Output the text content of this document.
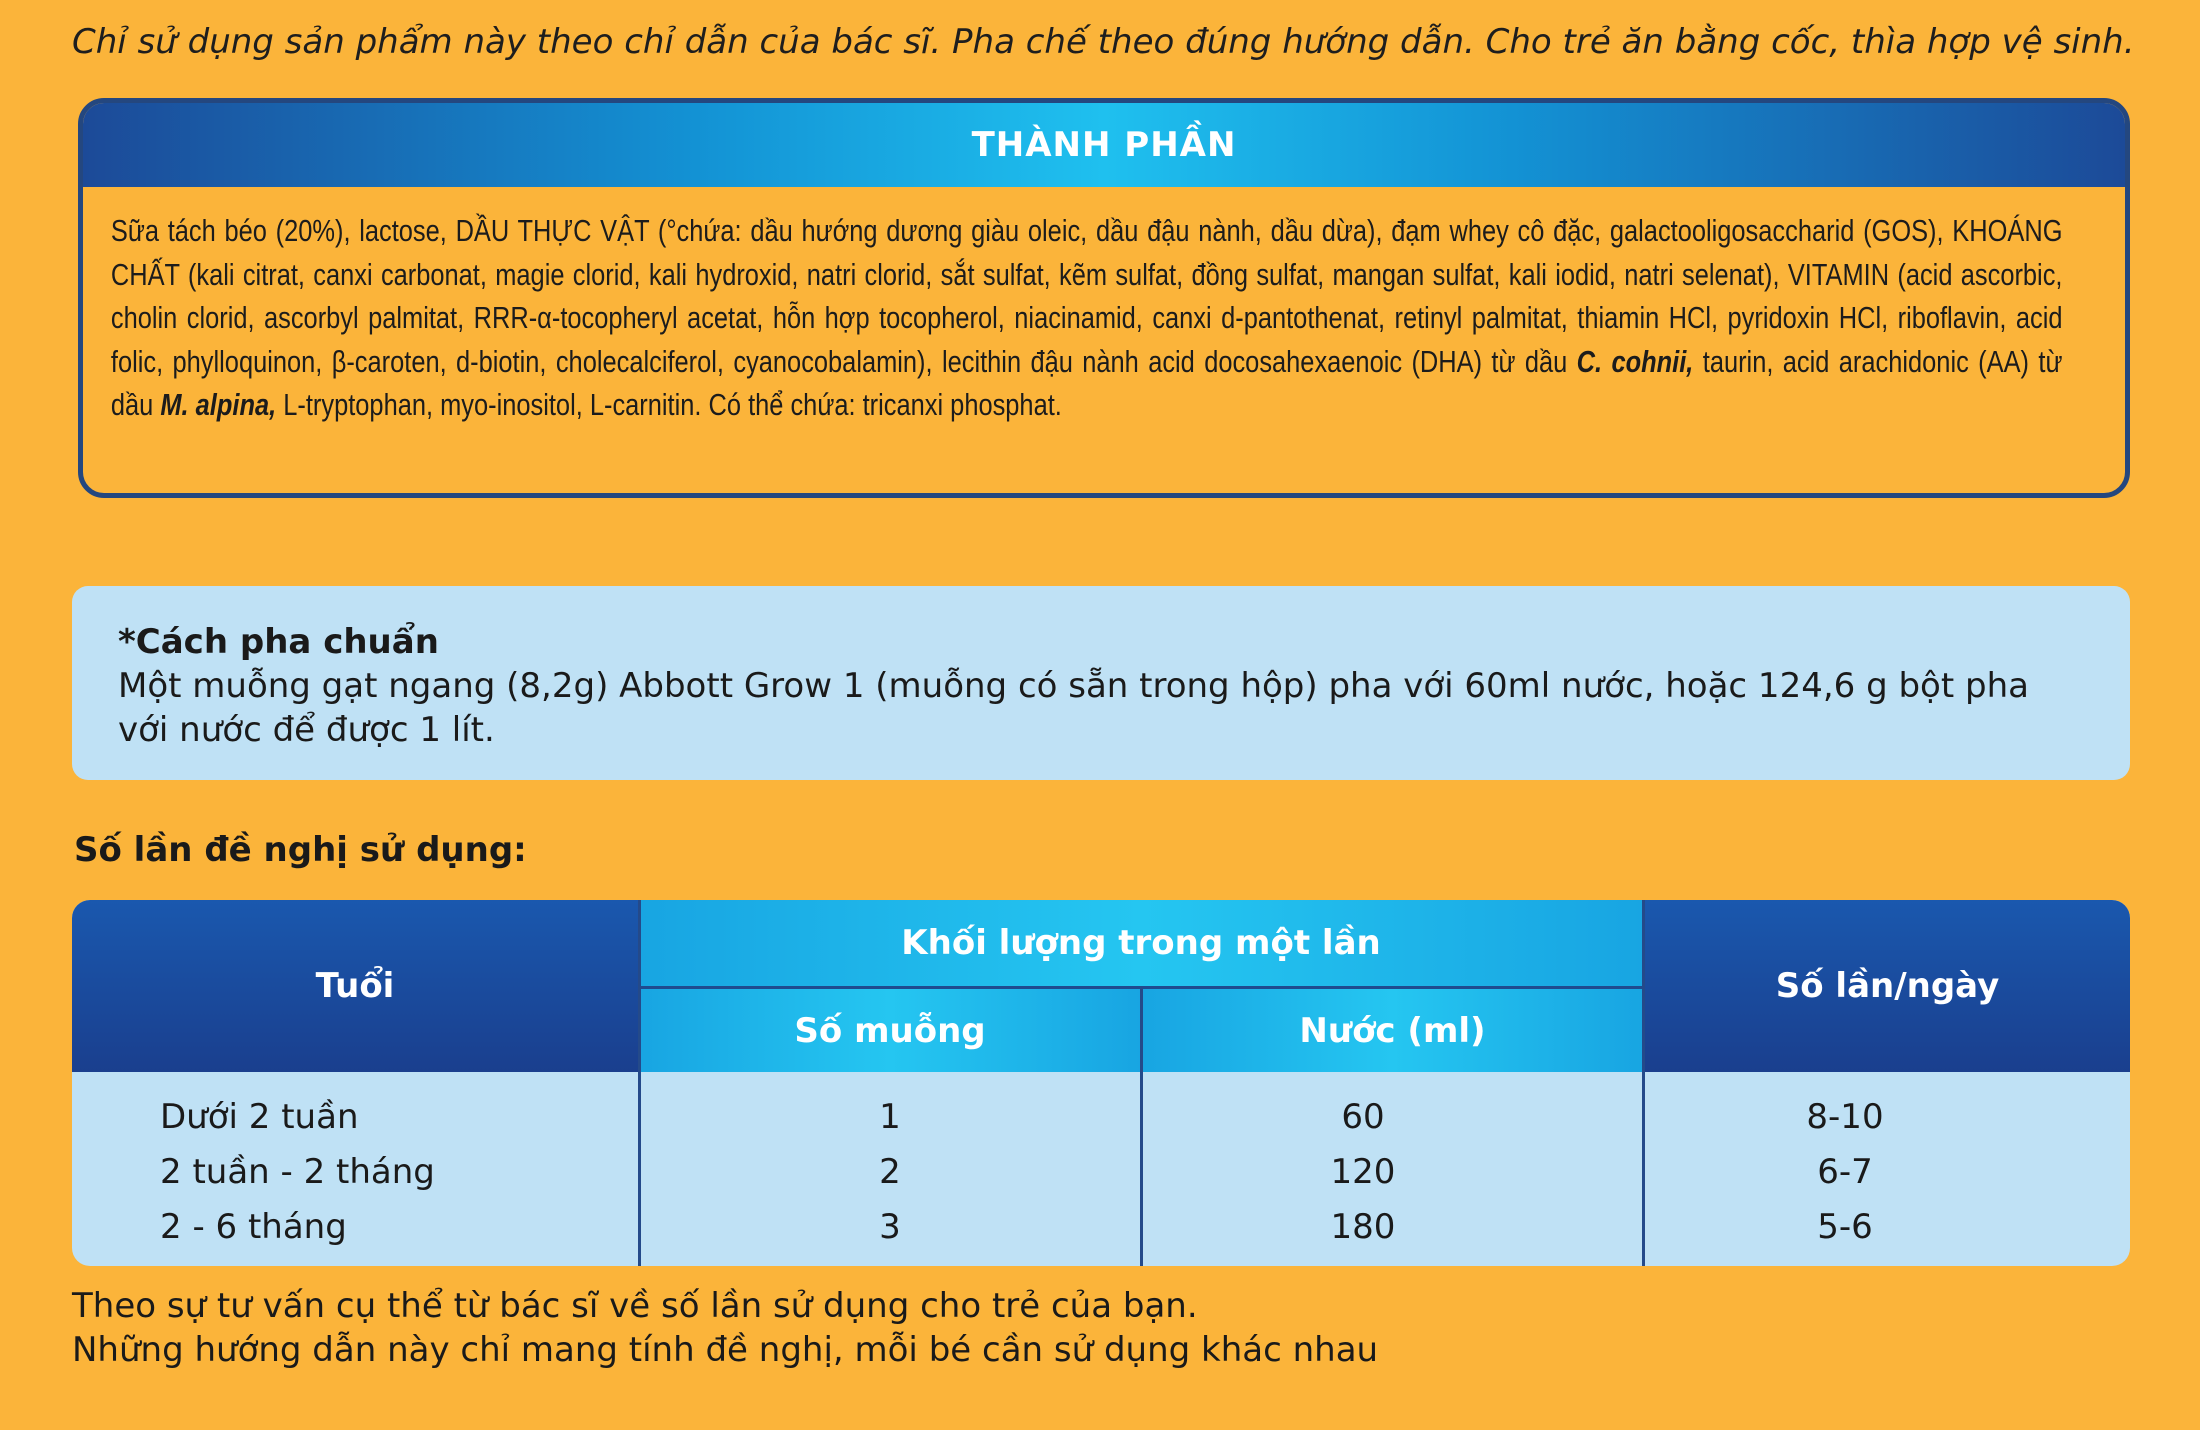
Chỉ sử dụng sản phẩm này theo chỉ dẫn của bác sĩ. Pha chế theo đúng hướng dẫn. Cho trẻ ăn bằng cốc, thìa hợp vệ sinh.
THÀNH PHẦN
Sữa tách béo (20%), lactose, DẦU THỰC VẬT (°chứa: dầu hướng dương giàu oleic, dầu đậu nành, dầu dừa), đạm whey cô đặc, galactooligosaccharid (GOS), KHOÁNG CHẤT (kali citrat, canxi carbonat, magie clorid, kali hydroxid, natri clorid, sắt sulfat, kẽm sulfat, đồng sulfat, mangan sulfat, kali iodid, natri selenat), VITAMIN (acid ascorbic, cholin clorid, ascorbyl palmitat, RRR-α-tocopheryl acetat, hỗn hợp tocopherol, niacinamid, canxi d-pantothenat, retinyl palmitat, thiamin HCl, pyridoxin HCl, riboflavin, acid folic, phylloquinon, β-caroten, d-biotin, cholecalciferol, cyanocobalamin), lecithin đậu nành acid docosahexaenoic (DHA) từ dầu C. cohnii, taurin, acid arachidonic (AA) từ dầu M. alpina, L-tryptophan, myo-inositol, L-carnitin. Có thể chứa: tricanxi phosphat.
*Cách pha chuẩn
Một muỗng gạt ngang (8,2g) Abbott Grow 1 (muỗng có sẵn trong hộp) pha với 60ml nước, hoặc 124,6 g bột pha với nước để được 1 lít.
Số lần đề nghị sử dụng:
Tuổi
Khối lượng trong một lần
Số muỗng	Nước (ml)
Số lần/ngày
Dưới 2 tuần	1	60	8-10
2 tuần - 2 tháng	2	120	6-7
2 - 6 tháng	3	180	5-6
Theo sự tư vấn cụ thể từ bác sĩ về số lần sử dụng cho trẻ của bạn.
Những hướng dẫn này chỉ mang tính đề nghị, mỗi bé cần sử dụng khác nhau
